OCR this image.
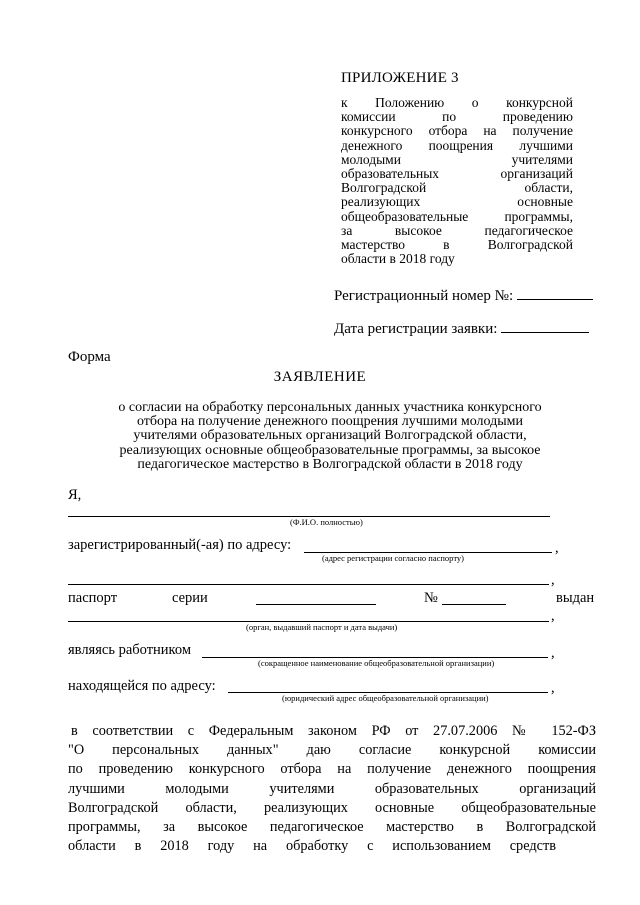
ПРИЛОЖЕНИЕ 3
к Положению о конкурсной
комиссии по проведению
конкурсного отбора на получение
денежного поощрения лучшими
молодыми учителями
образовательных организаций
Волгоградской области,
реализующих основные
общеобразовательные программы,
за высокое педагогическое
мастерство в Волгоградской
области в 2018 году
Регистрационный номер №:
Дата регистрации заявки:
Форма
ЗАЯВЛЕНИЕ
о согласии на обработку персональных данных участника конкурсного
отбора на получение денежного поощрения лучшими молодыми
учителями образовательных организаций Волгоградской области,
реализующих основные общеобразовательные программы, за высокое
педагогическое мастерство в Волгоградской области в 2018 году
Я,
(Ф.И.О. полностью)
зарегистрированный(-ая) по адресу:	,
(адрес регистрации согласно паспорту)
,
паспорт	серии	№	выдан
,
(орган, выдавший паспорт и дата выдачи)
являясь работником	,
(сокращенное наименование общеобразовательной организации)
находящейся по адресу:	,
(юридический адрес общеобразовательной организации)
в соответствии с Федеральным законом РФ от 27.07.2006 № 152-ФЗ
"О персональных данных" даю согласие конкурсной комиссии
по проведению конкурсного отбора на получение денежного поощрения
лучшими молодыми учителями образовательных организаций
Волгоградской области, реализующих основные общеобразовательные
программы, за высокое педагогическое мастерство в Волгоградской
области в 2018 году на обработку с использованием средств
